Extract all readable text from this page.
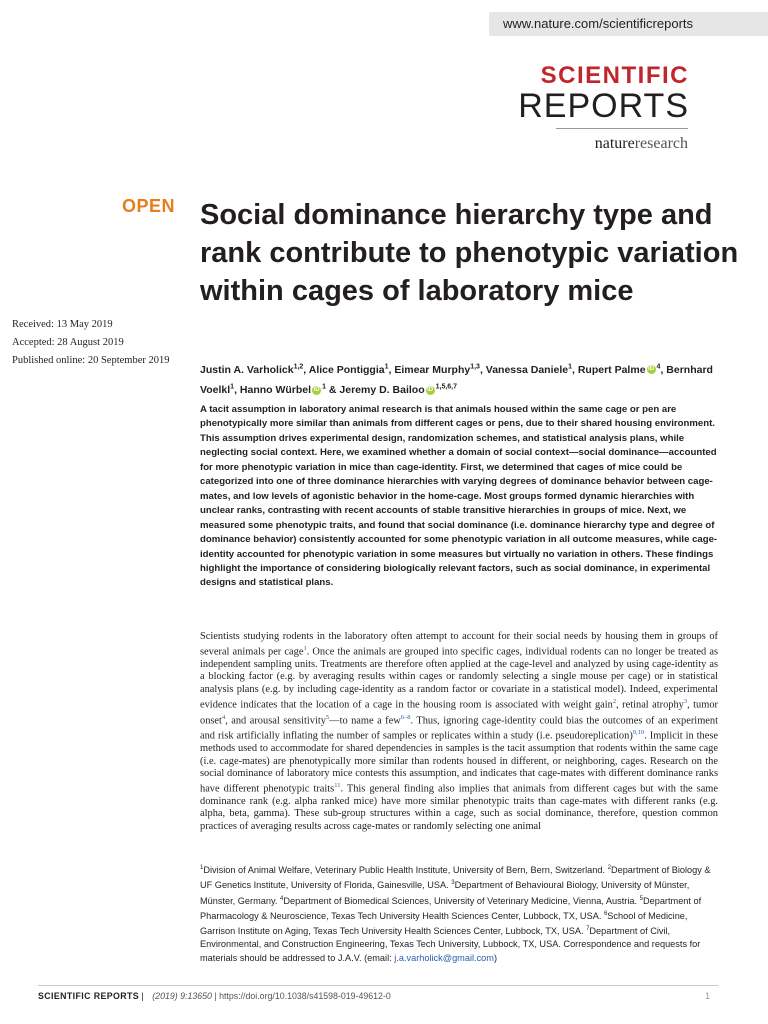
www.nature.com/scientificreports
SCIENTIFIC
REPORTS
natureresearch
OPEN Social dominance hierarchy type and rank contribute to phenotypic variation within cages of laboratory mice
Received: 13 May 2019
Accepted: 28 August 2019
Published online: 20 September 2019
Justin A. Varholick$^{1,2}$, Alice Pontiggia$^1$, Eimear Murphy$^{1,3}$, Vanessa Daniele$^1$, Rupert Palme iD $^4$, Bernhard Voelkl$^1$, Hanno Würbel iD $^1$ & Jeremy D. Bailoo iD $^{1,5,6,7}$

A tacit assumption in laboratory animal research is that animals housed within the same cage or pen are phenotypically more similar than animals from different cages or pens, due to their shared housing environment. This assumption drives experimental design, randomization schemes, and statistical analysis plans, while neglecting social context. Here, we examined whether a domain of social context—social dominance—accounted for more phenotypic variation in mice than cage-identity. First, we determined that cages of mice could be categorized into one of three dominance hierarchies with varying degrees of dominance behavior between cage-mates, and low levels of agonistic behavior in the home-cage. Most groups formed dynamic hierarchies with unclear ranks, contrasting with recent accounts of stable transitive hierarchies in groups of mice. Next, we measured some phenotypic traits, and found that social dominance (i.e. dominance hierarchy type and degree of dominance behavior) consistently accounted for some phenotypic variation in all outcome measures, while cage-identity accounted for phenotypic variation in some measures but virtually no variation in others. These findings highlight the importance of considering biologically relevant factors, such as social dominance, in experimental designs and statistical plans.

Scientists studying rodents in the laboratory often attempt to account for their social needs by housing them in groups of several animals per cage$^1$. Once the animals are grouped into specific cages, individual rodents can no longer be treated as independent sampling units. Treatments are therefore often applied at the cage-level and analyzed by using cage-identity as a blocking factor (e.g. by averaging results within cages or randomly selecting a single mouse per cage) or in statistical analysis plans (e.g. by including cage-identity as a random factor or covariate in a statistical model). Indeed, experimental evidence indicates that the location of a cage in the housing room is associated with weight gain$^2$, retinal atrophy$^3$, tumor onset$^4$, and arousal sensitivity$^5$—to name a few$^{6-8}$. Thus, ignoring cage-identity could bias the outcomes of an experiment and risk artificially inflating the number of samples or replicates within a study (i.e. pseudoreplication)$^{9,10}$. Implicit in these methods used to accommodate for shared dependencies in samples is the tacit assumption that rodents within the same cage (i.e. cage-mates) are phenotypically more similar than rodents housed in different, or neighboring, cages. Research on the social dominance of laboratory mice contests this assumption, and indicates that cage-mates with different dominance ranks have different phenotypic traits$^{11}$. This general finding also implies that animals from different cages but with the same dominance rank (e.g. alpha ranked mice) have more similar phenotypic traits than cage-mates with different ranks (e.g. alpha, beta, gamma). These sub-group structures within a cage, such as social dominance, therefore, question common practices of averaging results across cage-mates or randomly selecting one animal

$^1$Division of Animal Welfare, Veterinary Public Health Institute, University of Bern, Bern, Switzerland. $^2$Department of Biology & UF Genetics Institute, University of Florida, Gainesville, USA. $^3$Department of Behavioural Biology, University of Münster, Münster, Germany. $^4$Department of Biomedical Sciences, University of Veterinary Medicine, Vienna, Austria. $^5$Department of Pharmacology & Neuroscience, Texas Tech University Health Sciences Center, Lubbock, TX, USA. $^6$School of Medicine, Garrison Institute on Aging, Texas Tech University Health Sciences Center, Lubbock, TX, USA. $^7$Department of Civil, Environmental, and Construction Engineering, Texas Tech University, Lubbock, TX, USA. Correspondence and requests for materials should be addressed to J.A.V. (email: j.a.varholick@gmail.com)

SCIENTIFIC REPORTS | (2019) 9:13650 | https://doi.org/10.1038/s41598-019-49612-0	1
